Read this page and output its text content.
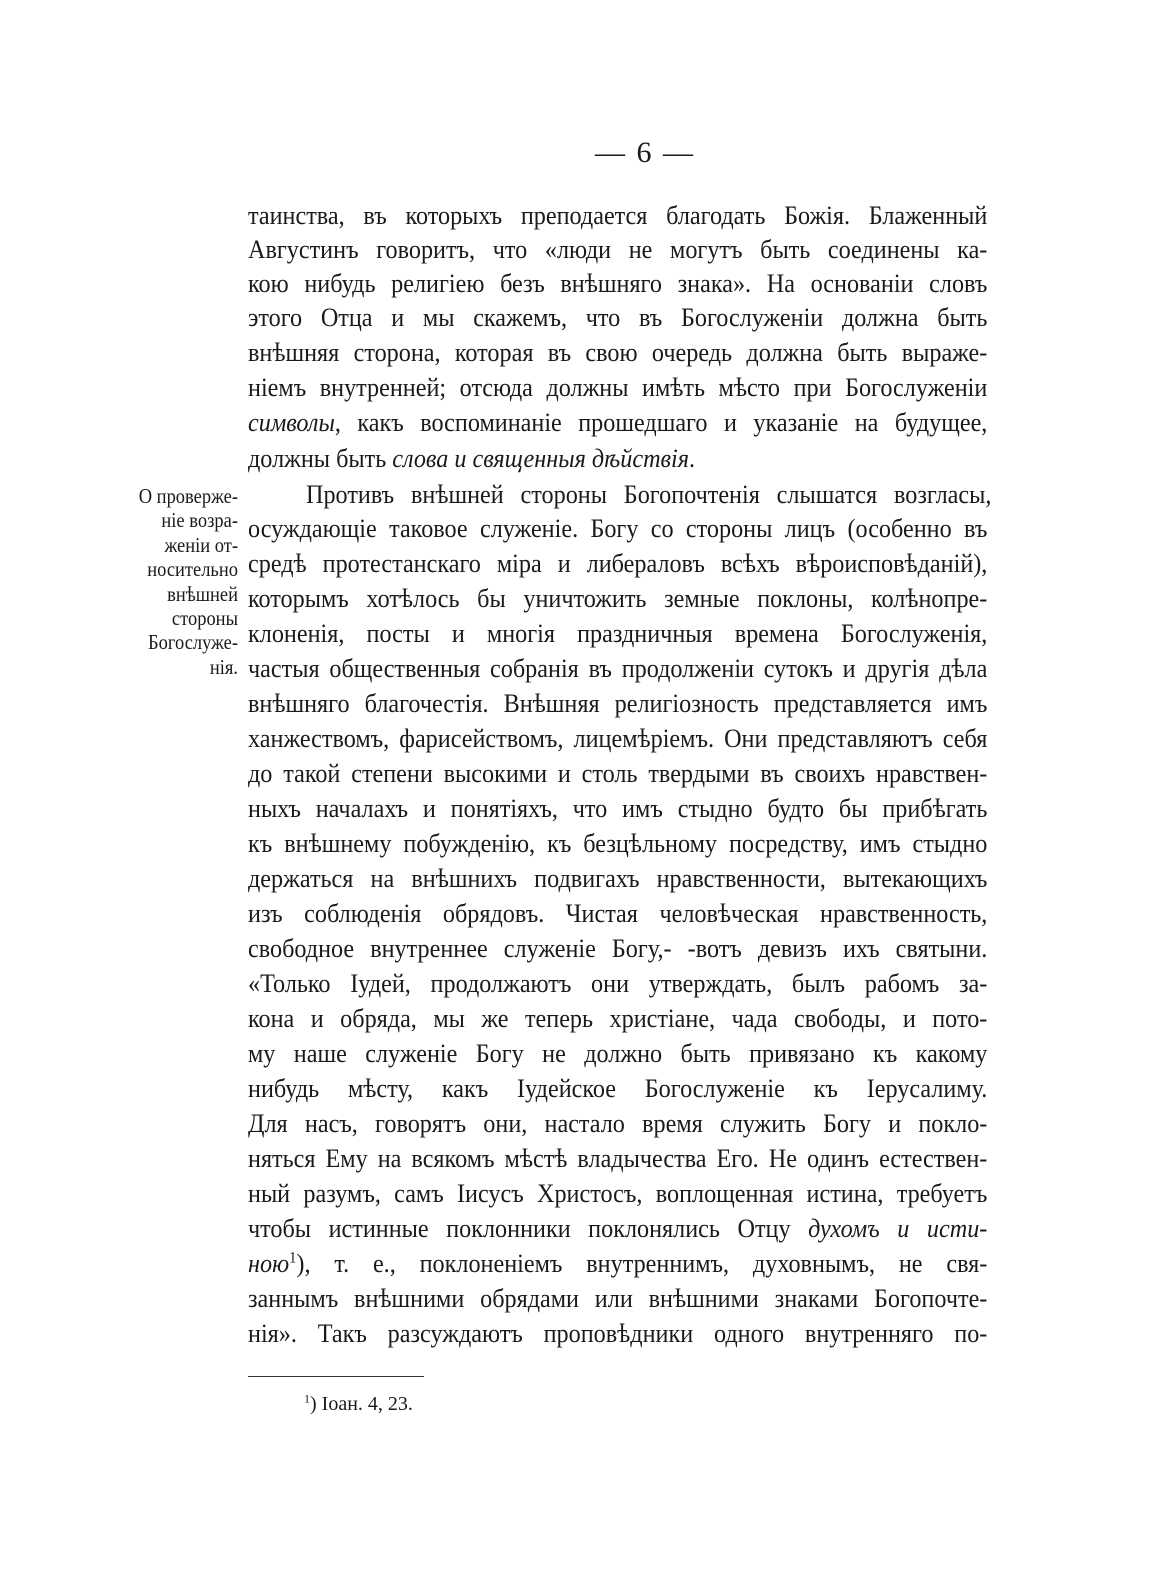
— 6 —
О проверже-
ніе возра-
женіи от-
носительно
внѣшней
стороны
Богослуже-
нія.
таинства, въ которыхъ преподается благодать Божія. Блаженный
Августинъ говоритъ, что «люди не могутъ быть соединены ка-
кою нибудь религіею безъ внѣшняго знака». На основаніи словъ
этого Отца и мы скажемъ, что въ Богослуженіи должна быть
внѣшняя сторона, которая въ свою очередь должна быть выраже-
ніемъ внутренней; отсюда должны имѣть мѣсто при Богослуженіи
символы, какъ воспоминаніе прошедшаго и указаніе на будущее,
должны быть слова и священныя дѣйствія.
Противъ внѣшней стороны Богопочтенія слышатся возгласы,
осуждающіе таковое служеніе. Богу со стороны лицъ (особенно въ
средѣ протестанскаго міра и либераловъ всѣхъ вѣроисповѣданій),
которымъ хотѣлось бы уничтожить земные поклоны, колѣнопре-
клоненія, посты и многія праздничныя времена Богослуженія,
частыя общественныя собранія въ продолженіи сутокъ и другія дѣла
внѣшняго благочестія. Внѣшняя религіозность представляется имъ
ханжествомъ, фарисействомъ, лицемѣріемъ. Они представляютъ себя
до такой степени высокими и столь твердыми въ своихъ нравствен-
ныхъ началахъ и понятіяхъ, что имъ стыдно будто бы прибѣгать
къ внѣшнему побужденію, къ безцѣльному посредству, имъ стыдно
держаться на внѣшнихъ подвигахъ нравственности, вытекающихъ
изъ соблюденія обрядовъ. Чистая человѣческая нравственность,
свободное внутреннее служеніе Богу,- -вотъ девизъ ихъ святыни.
«Только Іудей, продолжаютъ они утверждать, былъ рабомъ за-
кона и обряда, мы же теперь христіане, чада свободы, и пото-
му наше служеніе Богу не должно быть привязано къ какому
нибудь мѣсту, какъ Іудейское Богослуженіе къ Іерусалиму.
Для насъ, говорятъ они, настало время служить Богу и покло-
няться Ему на всякомъ мѣстѣ владычества Его. Не одинъ естествен-
ный разумъ, самъ Іисусъ Христосъ, воплощенная истина, требуетъ
чтобы истинные поклонники поклонялись Отцу духомъ и исти-
ною$^1$), т. е., поклоненіемъ внутреннимъ, духовнымъ, не свя-
заннымъ внѣшними обрядами или внѣшними знаками Богопочте-
нія». Такъ разсуждаютъ проповѣдники одного внутренняго по-
$^1$) Іоан. 4, 23.
